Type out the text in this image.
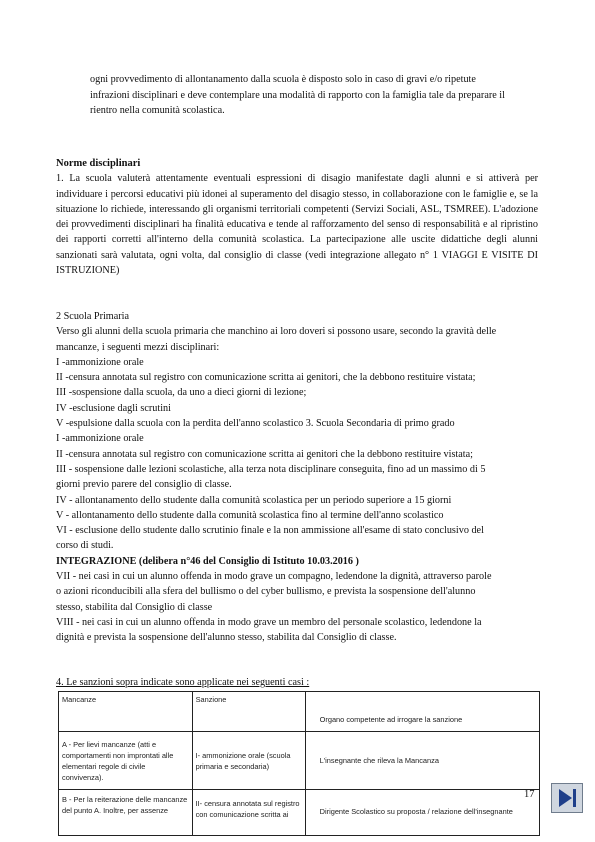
ogni provvedimento di allontanamento dalla scuola è disposto solo in caso di gravi e/o ripetute

infrazioni disciplinari e deve contemplare una modalità di rapporto con la famiglia tale da preparare il

rientro nella comunità scolastica.

Norme disciplinari

1. La scuola valuterà attentamente eventuali espressioni di disagio manifestate dagli alunni e si attiverà per individuare i percorsi educativi più idonei al superamento del disagio stesso, in collaborazione con le famiglie e, se la situazione lo richiede, interessando gli organismi territoriali competenti (Servizi Sociali, ASL, TSMREE). L'adozione dei provvedimenti disciplinari ha finalità educativa e tende al rafforzamento del senso di responsabilità e al ripristino dei rapporti corretti all'interno della comunità scolastica. La partecipazione alle uscite didattiche degli alunni sanzionati sarà valutata, ogni volta, dal consiglio di classe (vedi integrazione allegato n° 1 VIAGGI E VISITE DI ISTRUZIONE)

2 Scuola Primaria

Verso gli alunni della scuola primaria che manchino ai loro doveri si possono usare, secondo la gravità delle

mancanze, i seguenti mezzi disciplinari:

I -ammonizione orale

II -censura annotata sul registro con comunicazione scritta ai genitori, che la debbono restituire vistata;

III -sospensione dalla scuola, da uno a dieci giorni di lezione;

IV -esclusione dagli scrutini

V -espulsione dalla scuola con la perdita dell'anno scolastico 3. Scuola Secondaria di primo grado

I -ammonizione orale

II -censura annotata sul registro con comunicazione scritta ai genitori che la debbono restituire vistata;

III - sospensione dalle lezioni scolastiche, alla terza nota disciplinare conseguita, fino ad un massimo di 5

giorni previo parere del consiglio di classe.

IV - allontanamento dello studente dalla comunità scolastica per un periodo superiore a 15 giorni

V - allontanamento dello studente dalla comunità scolastica fino al termine dell'anno scolastico

VI - esclusione dello studente dallo scrutinio finale e la non ammissione all'esame di stato conclusivo del

corso di studi.

INTEGRAZIONE (delibera n°46 del Consiglio di Istituto 10.03.2016 )

VII - nei casi in cui un alunno offenda in modo grave un compagno, ledendone la dignità, attraverso parole

o azioni riconducibili alla sfera del bullismo o del cyber bullismo, e prevista la sospensione dell'alunno

stesso, stabilita dal Consiglio di classe

VIII - nei casi in cui un alunno offenda in modo grave un membro del personale scolastico, ledendone la

dignità e prevista la sospensione dell'alunno stesso, stabilita dal Consiglio di classe.

4. Le sanzioni sopra indicate sono applicate nei seguenti casi :

Mancanze	Sanzione	Organo competente ad irrogare la sanzione
A - Per lievi mancanze (atti e comportamenti non improntati alle elementari regole di civile convivenza).	I- ammonizione orale (scuola primaria e secondaria)	L'insegnante che rileva la Mancanza
B - Per la reiterazione delle mancanze del punto A. Inoltre, per assenze	II- censura annotata sul registro con comunicazione scritta ai	Dirigente Scolastico su proposta / relazione dell'insegnante
17
